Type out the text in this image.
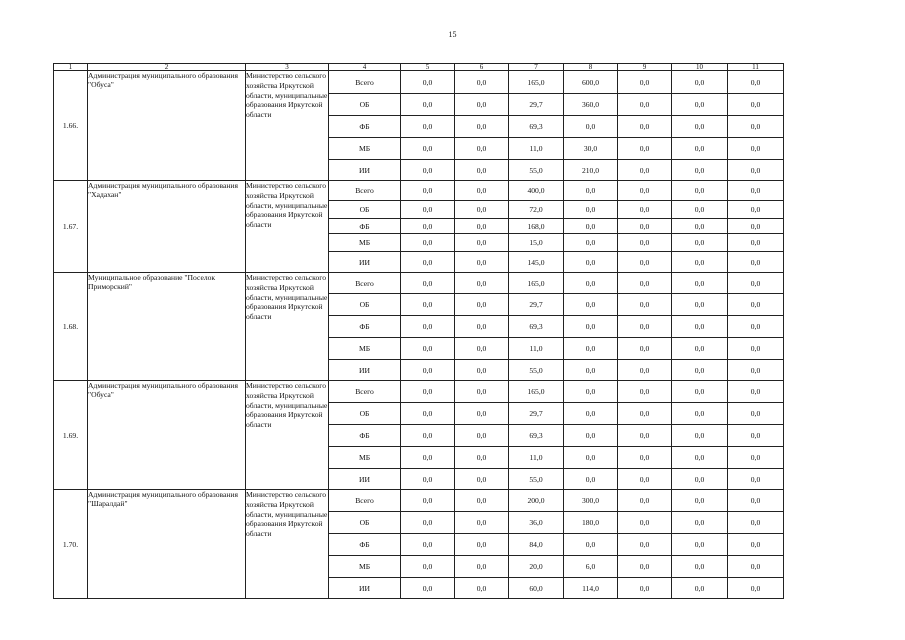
15
1	2	3	4	5	6	7	8	9	10	11
1.66.	Администрация муниципального образования "Обуса"	Министерство сельского хозяйства Иркутской области, муниципальные образования Иркутской области	Всего	0,0	0,0	165,0	600,0	0,0	0,0	0,0
			ОБ	0,0	0,0	29,7	360,0	0,0	0,0	0,0
			ФБ	0,0	0,0	69,3	0,0	0,0	0,0	0,0
			МБ	0,0	0,0	11,0	30,0	0,0	0,0	0,0
			ИИ	0,0	0,0	55,0	210,0	0,0	0,0	0,0
1.67.	Администрация муниципального образования "Хадахан"	Министерство сельского хозяйства Иркутской области, муниципальные образования Иркутской области	Всего	0,0	0,0	400,0	0,0	0,0	0,0	0,0
			ОБ	0,0	0,0	72,0	0,0	0,0	0,0	0,0
			ФБ	0,0	0,0	168,0	0,0	0,0	0,0	0,0
			МБ	0,0	0,0	15,0	0,0	0,0	0,0	0,0
			ИИ	0,0	0,0	145,0	0,0	0,0	0,0	0,0
1.68.	Муниципальное образование "Поселок Приморский"	Министерство сельского хозяйства Иркутской области, муниципальные образования Иркутской области	Всего	0,0	0,0	165,0	0,0	0,0	0,0	0,0
			ОБ	0,0	0,0	29,7	0,0	0,0	0,0	0,0
			ФБ	0,0	0,0	69,3	0,0	0,0	0,0	0,0
			МБ	0,0	0,0	11,0	0,0	0,0	0,0	0,0
			ИИ	0,0	0,0	55,0	0,0	0,0	0,0	0,0
1.69.	Администрация муниципального образования "Обуса"	Министерство сельского хозяйства Иркутской области, муниципальные образования Иркутской области	Всего	0,0	0,0	165,0	0,0	0,0	0,0	0,0
			ОБ	0,0	0,0	29,7	0,0	0,0	0,0	0,0
			ФБ	0,0	0,0	69,3	0,0	0,0	0,0	0,0
			МБ	0,0	0,0	11,0	0,0	0,0	0,0	0,0
			ИИ	0,0	0,0	55,0	0,0	0,0	0,0	0,0
1.70.	Администрация муниципального образования "Шаралдай"	Министерство сельского хозяйства Иркутской области, муниципальные образования Иркутской области	Всего	0,0	0,0	200,0	300,0	0,0	0,0	0,0
			ОБ	0,0	0,0	36,0	180,0	0,0	0,0	0,0
			ФБ	0,0	0,0	84,0	0,0	0,0	0,0	0,0
			МБ	0,0	0,0	20,0	6,0	0,0	0,0	0,0
			ИИ	0,0	0,0	60,0	114,0	0,0	0,0	0,0
